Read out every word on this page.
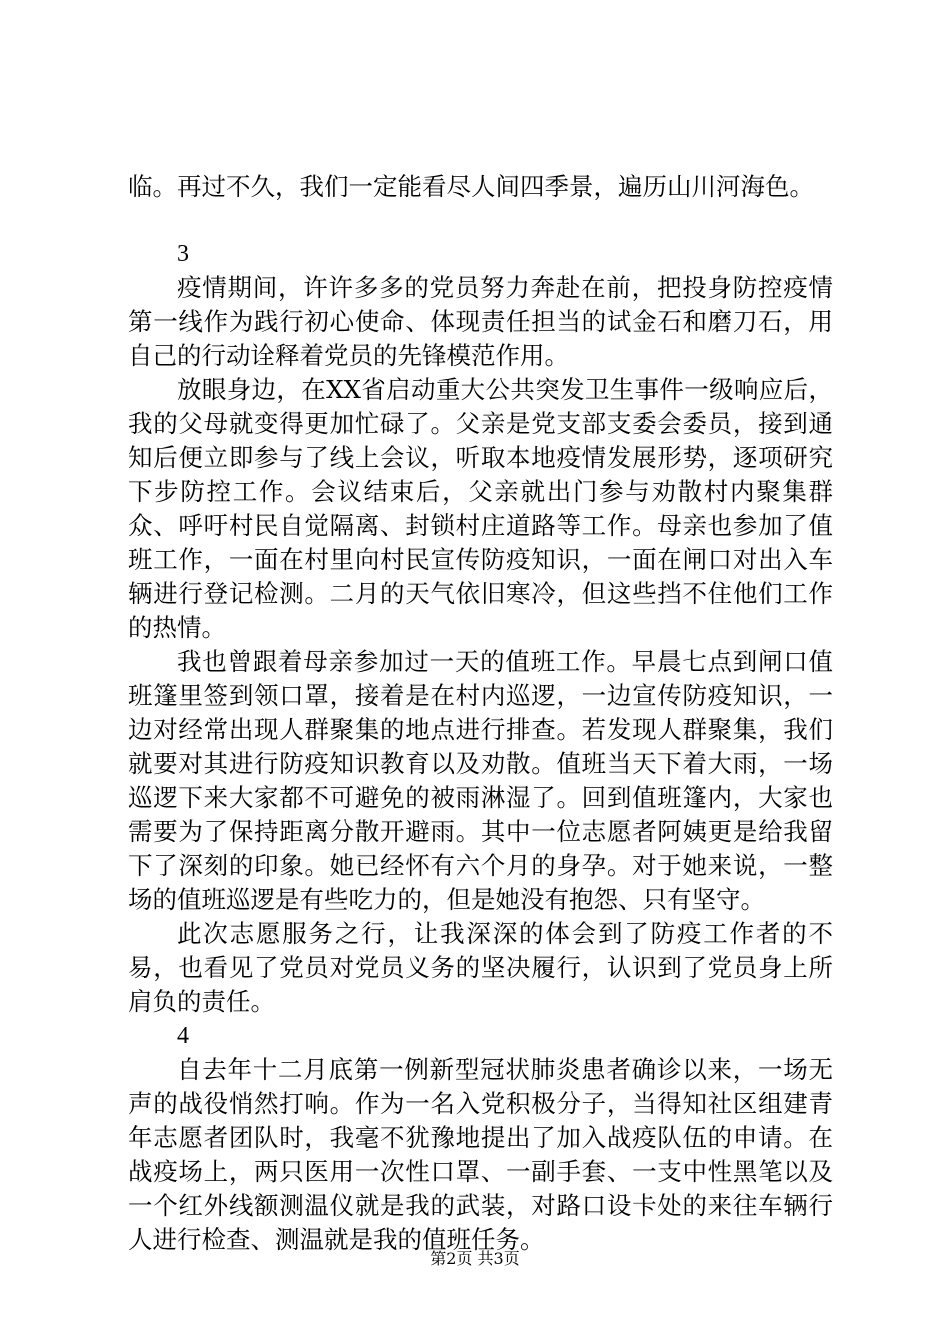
临。再过不久，我们一定能看尽人间四季景，遍历山川河海色。

3

疫情期间，许许多多的党员努力奔赴在前，把投身防控疫情第一线作为践行初心使命、体现责任担当的试金石和磨刀石，用自己的行动诠释着党员的先锋模范作用。

放眼身边，在XX省启动重大公共突发卫生事件一级响应后，我的父母就变得更加忙碌了。父亲是党支部支委会委员，接到通知后便立即参与了线上会议，听取本地疫情发展形势，逐项研究下步防控工作。会议结束后，父亲就出门参与劝散村内聚集群众、呼吁村民自觉隔离、封锁村庄道路等工作。母亲也参加了值班工作，一面在村里向村民宣传防疫知识，一面在闸口对出入车辆进行登记检测。二月的天气依旧寒冷，但这些挡不住他们工作的热情。

我也曾跟着母亲参加过一天的值班工作。早晨七点到闸口值班篷里签到领口罩，接着是在村内巡逻，一边宣传防疫知识，一边对经常出现人群聚集的地点进行排查。若发现人群聚集，我们就要对其进行防疫知识教育以及劝散。值班当天下着大雨，一场巡逻下来大家都不可避免的被雨淋湿了。回到值班篷内，大家也需要为了保持距离分散开避雨。其中一位志愿者阿姨更是给我留下了深刻的印象。她已经怀有六个月的身孕。对于她来说，一整场的值班巡逻是有些吃力的，但是她没有抱怨、只有坚守。

此次志愿服务之行，让我深深的体会到了防疫工作者的不易，也看见了党员对党员义务的坚决履行，认识到了党员身上所肩负的责任。

4

自去年十二月底第一例新型冠状肺炎患者确诊以来，一场无声的战役悄然打响。作为一名入党积极分子，当得知社区组建青年志愿者团队时，我毫不犹豫地提出了加入战疫队伍的申请。在战疫场上，两只医用一次性口罩、一副手套、一支中性黑笔以及一个红外线额测温仪就是我的武装，对路口设卡处的来往车辆行人进行检查、测温就是我的值班任务。

第2页 共3页
